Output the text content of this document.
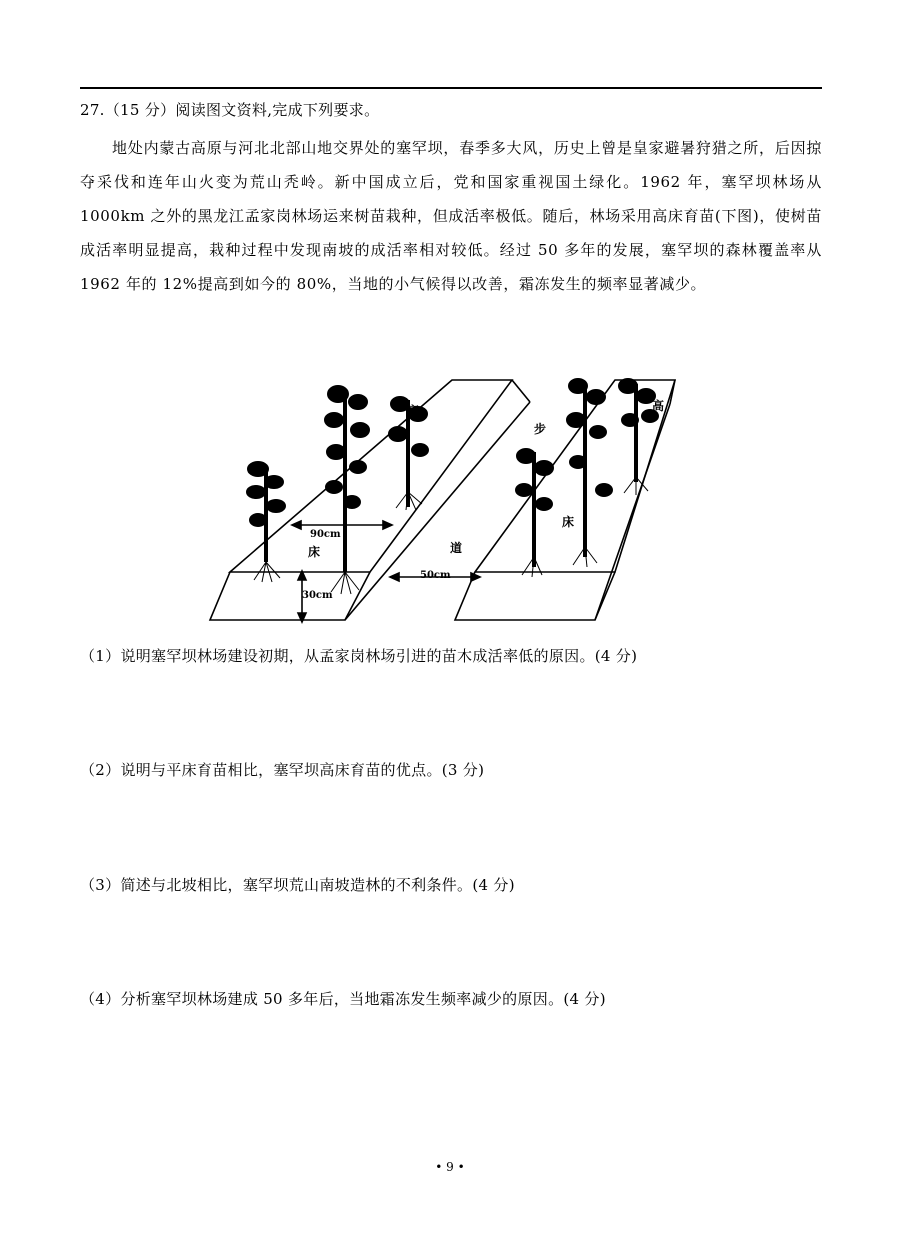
27.（15 分）阅读图文资料,完成下列要求。
地处内蒙古高原与河北北部山地交界处的塞罕坝，春季多大风，历史上曾是皇家避暑狩猎之所，后因掠夺采伐和连年山火变为荒山秃岭。新中国成立后，党和国家重视国土绿化。1962 年，塞罕坝林场从 1000km 之外的黑龙江孟家岗林场运来树苗栽种，但成活率极低。随后，林场采用高床育苗(下图)，使树苗成活率明显提高，栽种过程中发现南坡的成活率相对较低。经过 50 多年的发展，塞罕坝的森林覆盖率从 1962 年的 12%提高到如今的 80%，当地的小气候得以改善，霜冻发生的频率显著减少。
高
床
步
道
高
床
90cm
50cm
30cm
（1）说明塞罕坝林场建设初期，从孟家岗林场引进的苗木成活率低的原因。(4 分)
（2）说明与平床育苗相比，塞罕坝高床育苗的优点。(3 分)
（3）简述与北坡相比，塞罕坝荒山南坡造林的不利条件。(4 分)
（4）分析塞罕坝林场建成 50 多年后，当地霜冻发生频率减少的原因。(4 分)
• 9 •
